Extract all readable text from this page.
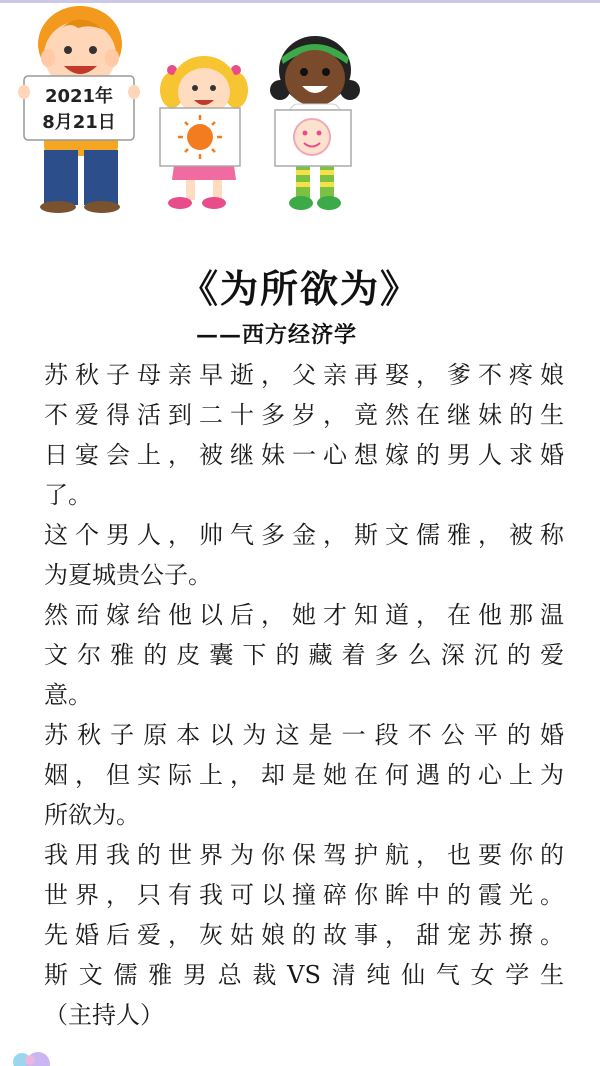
2021年
8月21日
《为所欲为》
——西方经济学
苏秋子母亲早逝，父亲再娶，爹不疼娘
不爱得活到二十多岁，竟然在继妹的生
日宴会上，被继妹一心想嫁的男人求婚
了。
这个男人，帅气多金，斯文儒雅，被称
为夏城贵公子。
然而嫁给他以后，她才知道，在他那温
文尔雅的皮囊下的藏着多么深沉的爱
意。
苏秋子原本以为这是一段不公平的婚
姻，但实际上，却是她在何遇的心上为
所欲为。
我用我的世界为你保驾护航，也要你的
世界，只有我可以撞碎你眸中的霞光。
先婚后爱，灰姑娘的故事，甜宠苏撩。
斯文儒雅男总裁VS清纯仙气女学生
（主持人）
